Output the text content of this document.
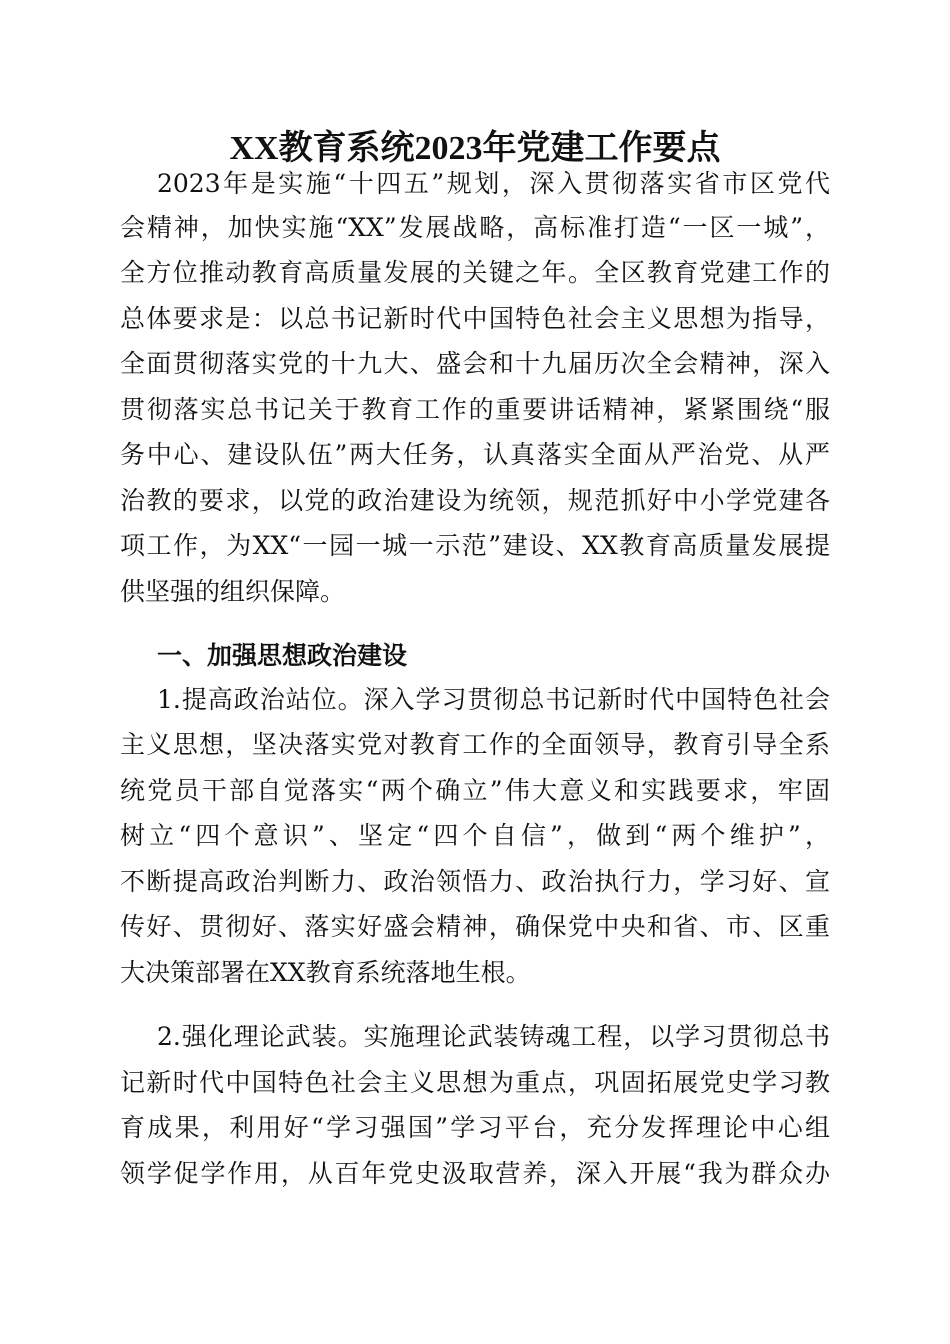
XX教育系统2023年党建工作要点
2023年是实施“十四五”规划，深入贯彻落实省市区党代
会精神，加快实施“XX”发展战略，高标准打造“一区一城”，
全方位推动教育高质量发展的关键之年。全区教育党建工作的
总体要求是：以总书记新时代中国特色社会主义思想为指导，
全面贯彻落实党的十九大、盛会和十九届历次全会精神，深入
贯彻落实总书记关于教育工作的重要讲话精神，紧紧围绕“服
务中心、建设队伍”两大任务，认真落实全面从严治党、从严
治教的要求，以党的政治建设为统领，规范抓好中小学党建各
项工作，为XX“一园一城一示范”建设、XX教育高质量发展提
供坚强的组织保障。
一、加强思想政治建设
1.提高政治站位。深入学习贯彻总书记新时代中国特色社会
主义思想，坚决落实党对教育工作的全面领导，教育引导全系
统党员干部自觉落实“两个确立”伟大意义和实践要求，牢固
树立“四个意识”、坚定“四个自信”，做到“两个维护”，
不断提高政治判断力、政治领悟力、政治执行力，学习好、宣
传好、贯彻好、落实好盛会精神，确保党中央和省、市、区重
大决策部署在XX教育系统落地生根。
2.强化理论武装。实施理论武装铸魂工程，以学习贯彻总书
记新时代中国特色社会主义思想为重点，巩固拓展党史学习教
育成果，利用好“学习强国”学习平台，充分发挥理论中心组
领学促学作用，从百年党史汲取营养，深入开展“我为群众办
